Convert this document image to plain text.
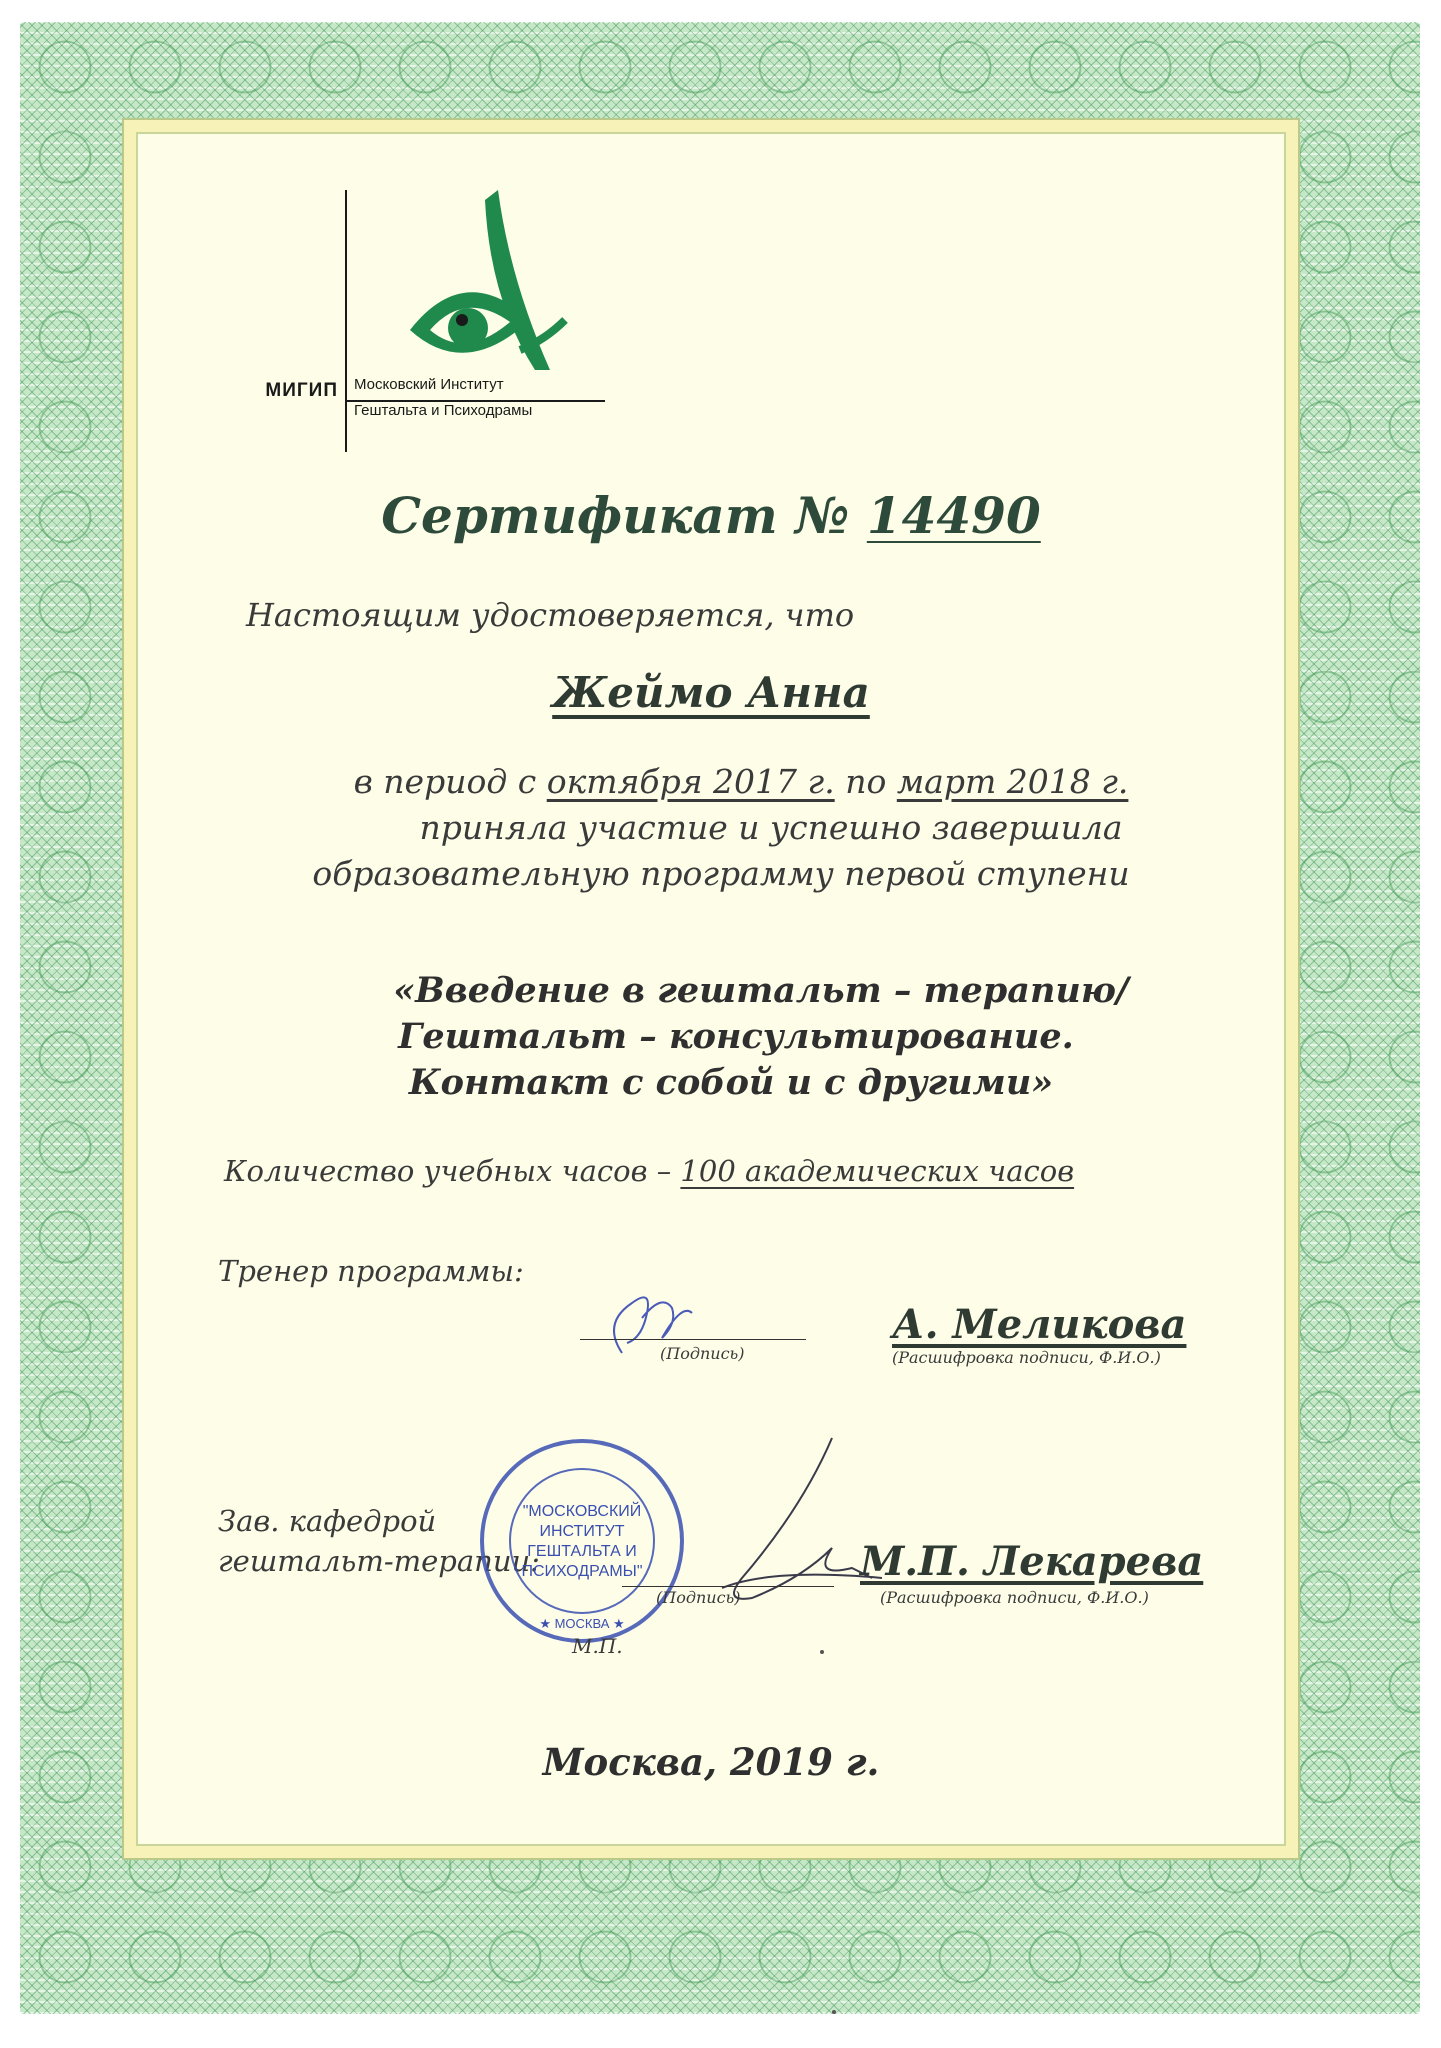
МИГИП Московский Институт
Гештальта и Психодрамы
Сертификат № 14490
Настоящим удостоверяется, что
Жеймо Анна
в период с октября 2017 г. по март 2018 г.
приняла участие и успешно завершила
образовательную программу первой ступени
«Введение в гештальт – терапию/
Гештальт – консультирование.
Контакт с собой и с другими»
Количество учебных часов – 100 академических часов
Тренер программы:
(Подпись)
А. Меликова
(Расшифровка подписи, Ф.И.О.)
Зав. кафедрой
гештальт-терапии:
"МОСКОВСКИЙ
ИНСТИТУТ
ГЕШТАЛЬТА И
ПСИХОДРАМЫ"
★ МОСКВА ★
(Подпись)
М.П. Лекарева
(Расшифровка подписи, Ф.И.О.)
М.П.
Москва, 2019 г.
